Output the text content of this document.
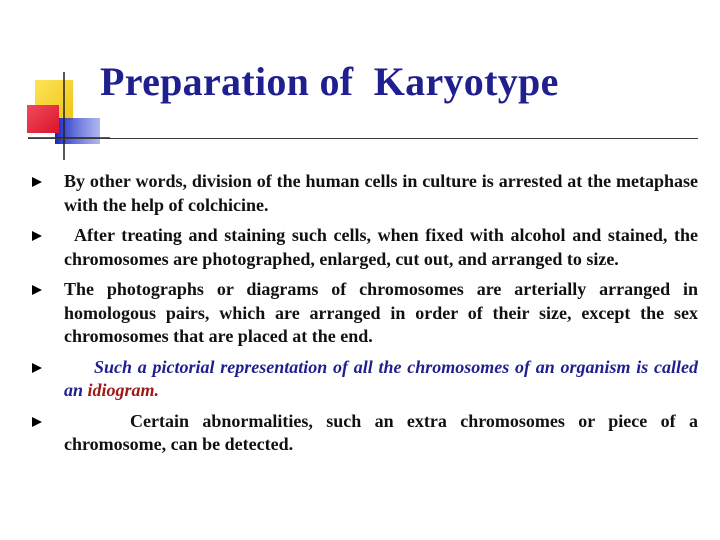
Preparation of Karyotype
By other words, division of the human cells in culture is arrested at the metaphase with the help of colchicine.
After treating and staining such cells, when fixed with alcohol and stained, the chromosomes are photographed, enlarged, cut out, and arranged to size.
The photographs or diagrams of chromosomes are arterially arranged in homologous pairs, which are arranged in order of their size, except the sex chromosomes that are placed at the end.
Such a pictorial representation of all the chromosomes of an organism is called an idiogram.
Certain abnormalities, such an extra chromosomes or piece of a chromosome, can be detected.
